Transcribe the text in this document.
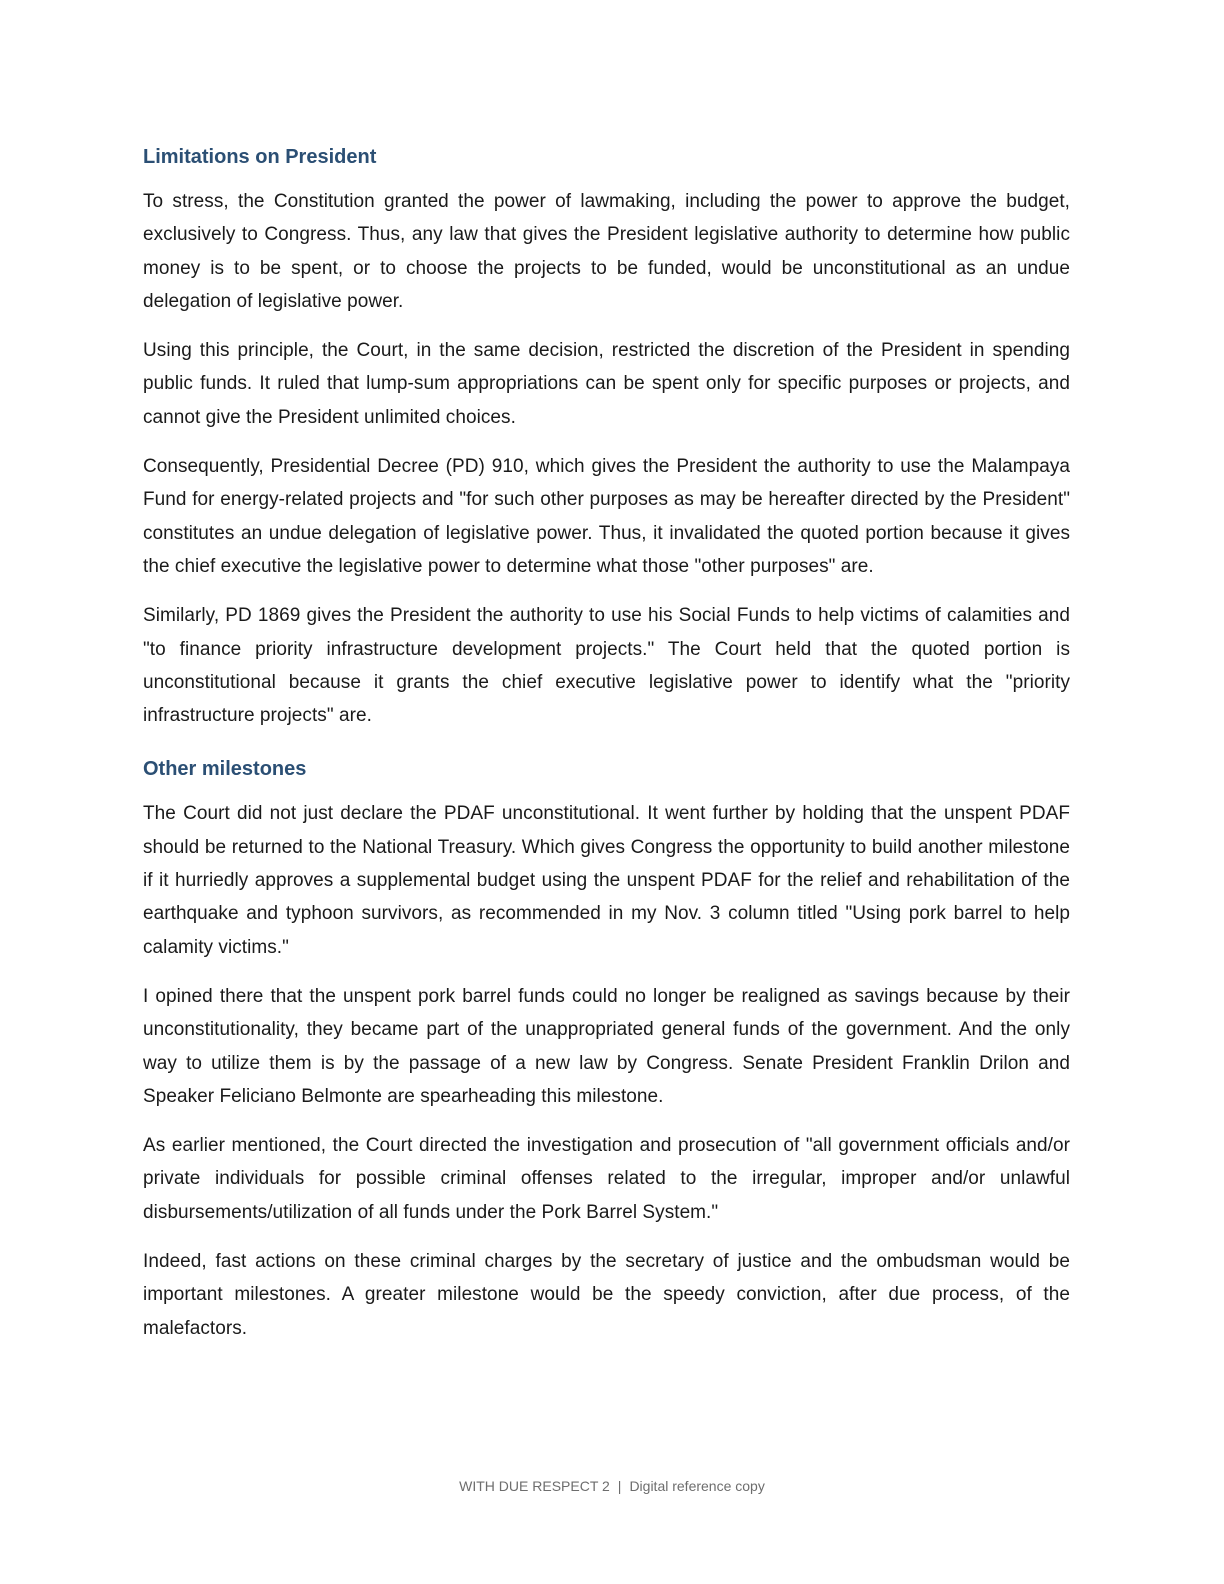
Limitations on President

To stress, the Constitution granted the power of lawmaking, including the power to approve the budget, exclusively to Congress. Thus, any law that gives the President legislative authority to determine how public money is to be spent, or to choose the projects to be funded, would be unconstitutional as an undue delegation of legislative power.

Using this principle, the Court, in the same decision, restricted the discretion of the President in spending public funds. It ruled that lump-sum appropriations can be spent only for specific purposes or projects, and cannot give the President unlimited choices.

Consequently, Presidential Decree (PD) 910, which gives the President the authority to use the Malampaya Fund for energy-related projects and "for such other purposes as may be hereafter directed by the President" constitutes an undue delegation of legislative power. Thus, it invalidated the quoted portion because it gives the chief executive the legislative power to determine what those "other purposes" are.

Similarly, PD 1869 gives the President the authority to use his Social Funds to help victims of calamities and "to finance priority infrastructure development projects." The Court held that the quoted portion is unconstitutional because it grants the chief executive legislative power to identify what the "priority infrastructure projects" are.

Other milestones

The Court did not just declare the PDAF unconstitutional. It went further by holding that the unspent PDAF should be returned to the National Treasury. Which gives Congress the opportunity to build another milestone if it hurriedly approves a supplemental budget using the unspent PDAF for the relief and rehabilitation of the earthquake and typhoon survivors, as recommended in my Nov. 3 column titled "Using pork barrel to help calamity victims."

I opined there that the unspent pork barrel funds could no longer be realigned as savings because by their unconstitutionality, they became part of the unappropriated general funds of the government. And the only way to utilize them is by the passage of a new law by Congress. Senate President Franklin Drilon and Speaker Feliciano Belmonte are spearheading this milestone.

As earlier mentioned, the Court directed the investigation and prosecution of "all government officials and/or private individuals for possible criminal offenses related to the irregular, improper and/or unlawful disbursements/utilization of all funds under the Pork Barrel System."

Indeed, fast actions on these criminal charges by the secretary of justice and the ombudsman would be important milestones. A greater milestone would be the speedy conviction, after due process, of the malefactors.

WITH DUE RESPECT 2 | Digital reference copy
